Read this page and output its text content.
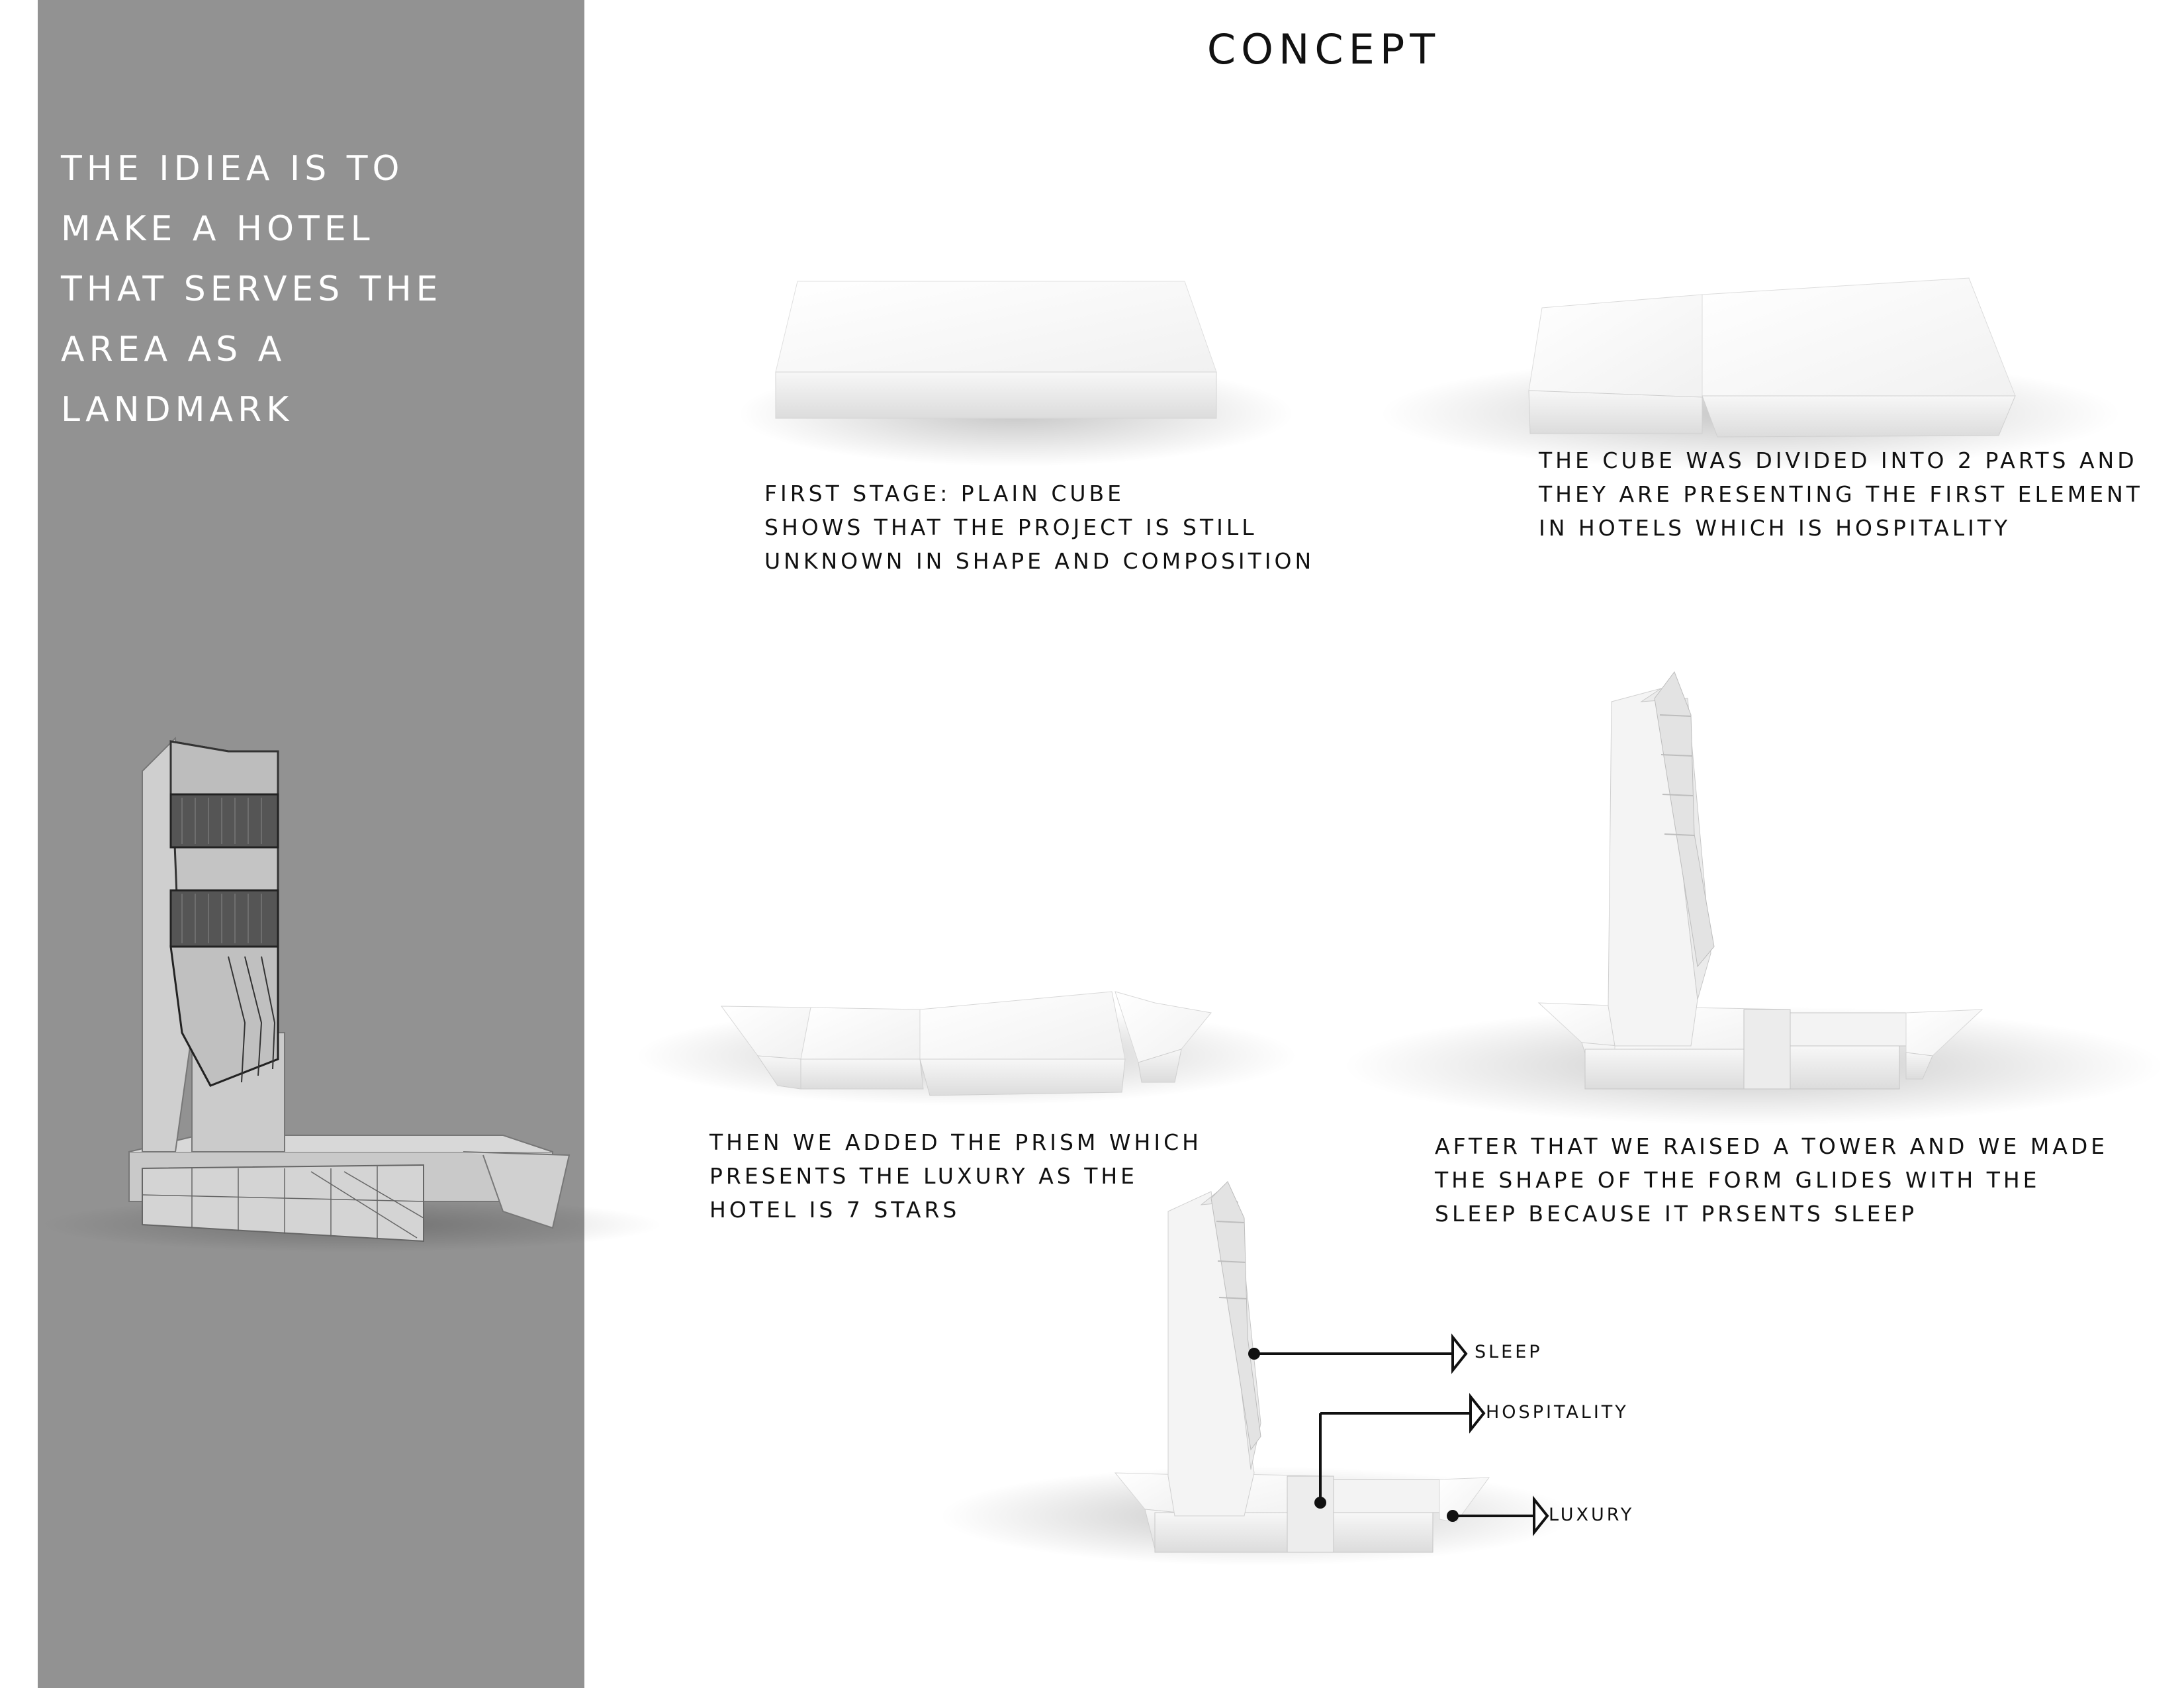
THE IDIEA IS TO
MAKE A HOTEL
THAT SERVES THE
AREA AS A
LANDMARK
CONCEPT
FIRST STAGE: PLAIN CUBE
SHOWS THAT THE PROJECT IS STILL
UNKNOWN IN SHAPE AND COMPOSITION
THE CUBE WAS DIVIDED INTO 2 PARTS AND
THEY ARE PRESENTING THE FIRST ELEMENT
IN HOTELS WHICH IS HOSPITALITY
THEN WE ADDED THE PRISM WHICH
PRESENTS THE LUXURY AS THE
HOTEL IS 7 STARS
AFTER THAT WE RAISED A TOWER AND WE MADE
THE SHAPE OF THE FORM GLIDES WITH THE
SLEEP BECAUSE IT PRSENTS SLEEP
SLEEP
HOSPITALITY
LUXURY
